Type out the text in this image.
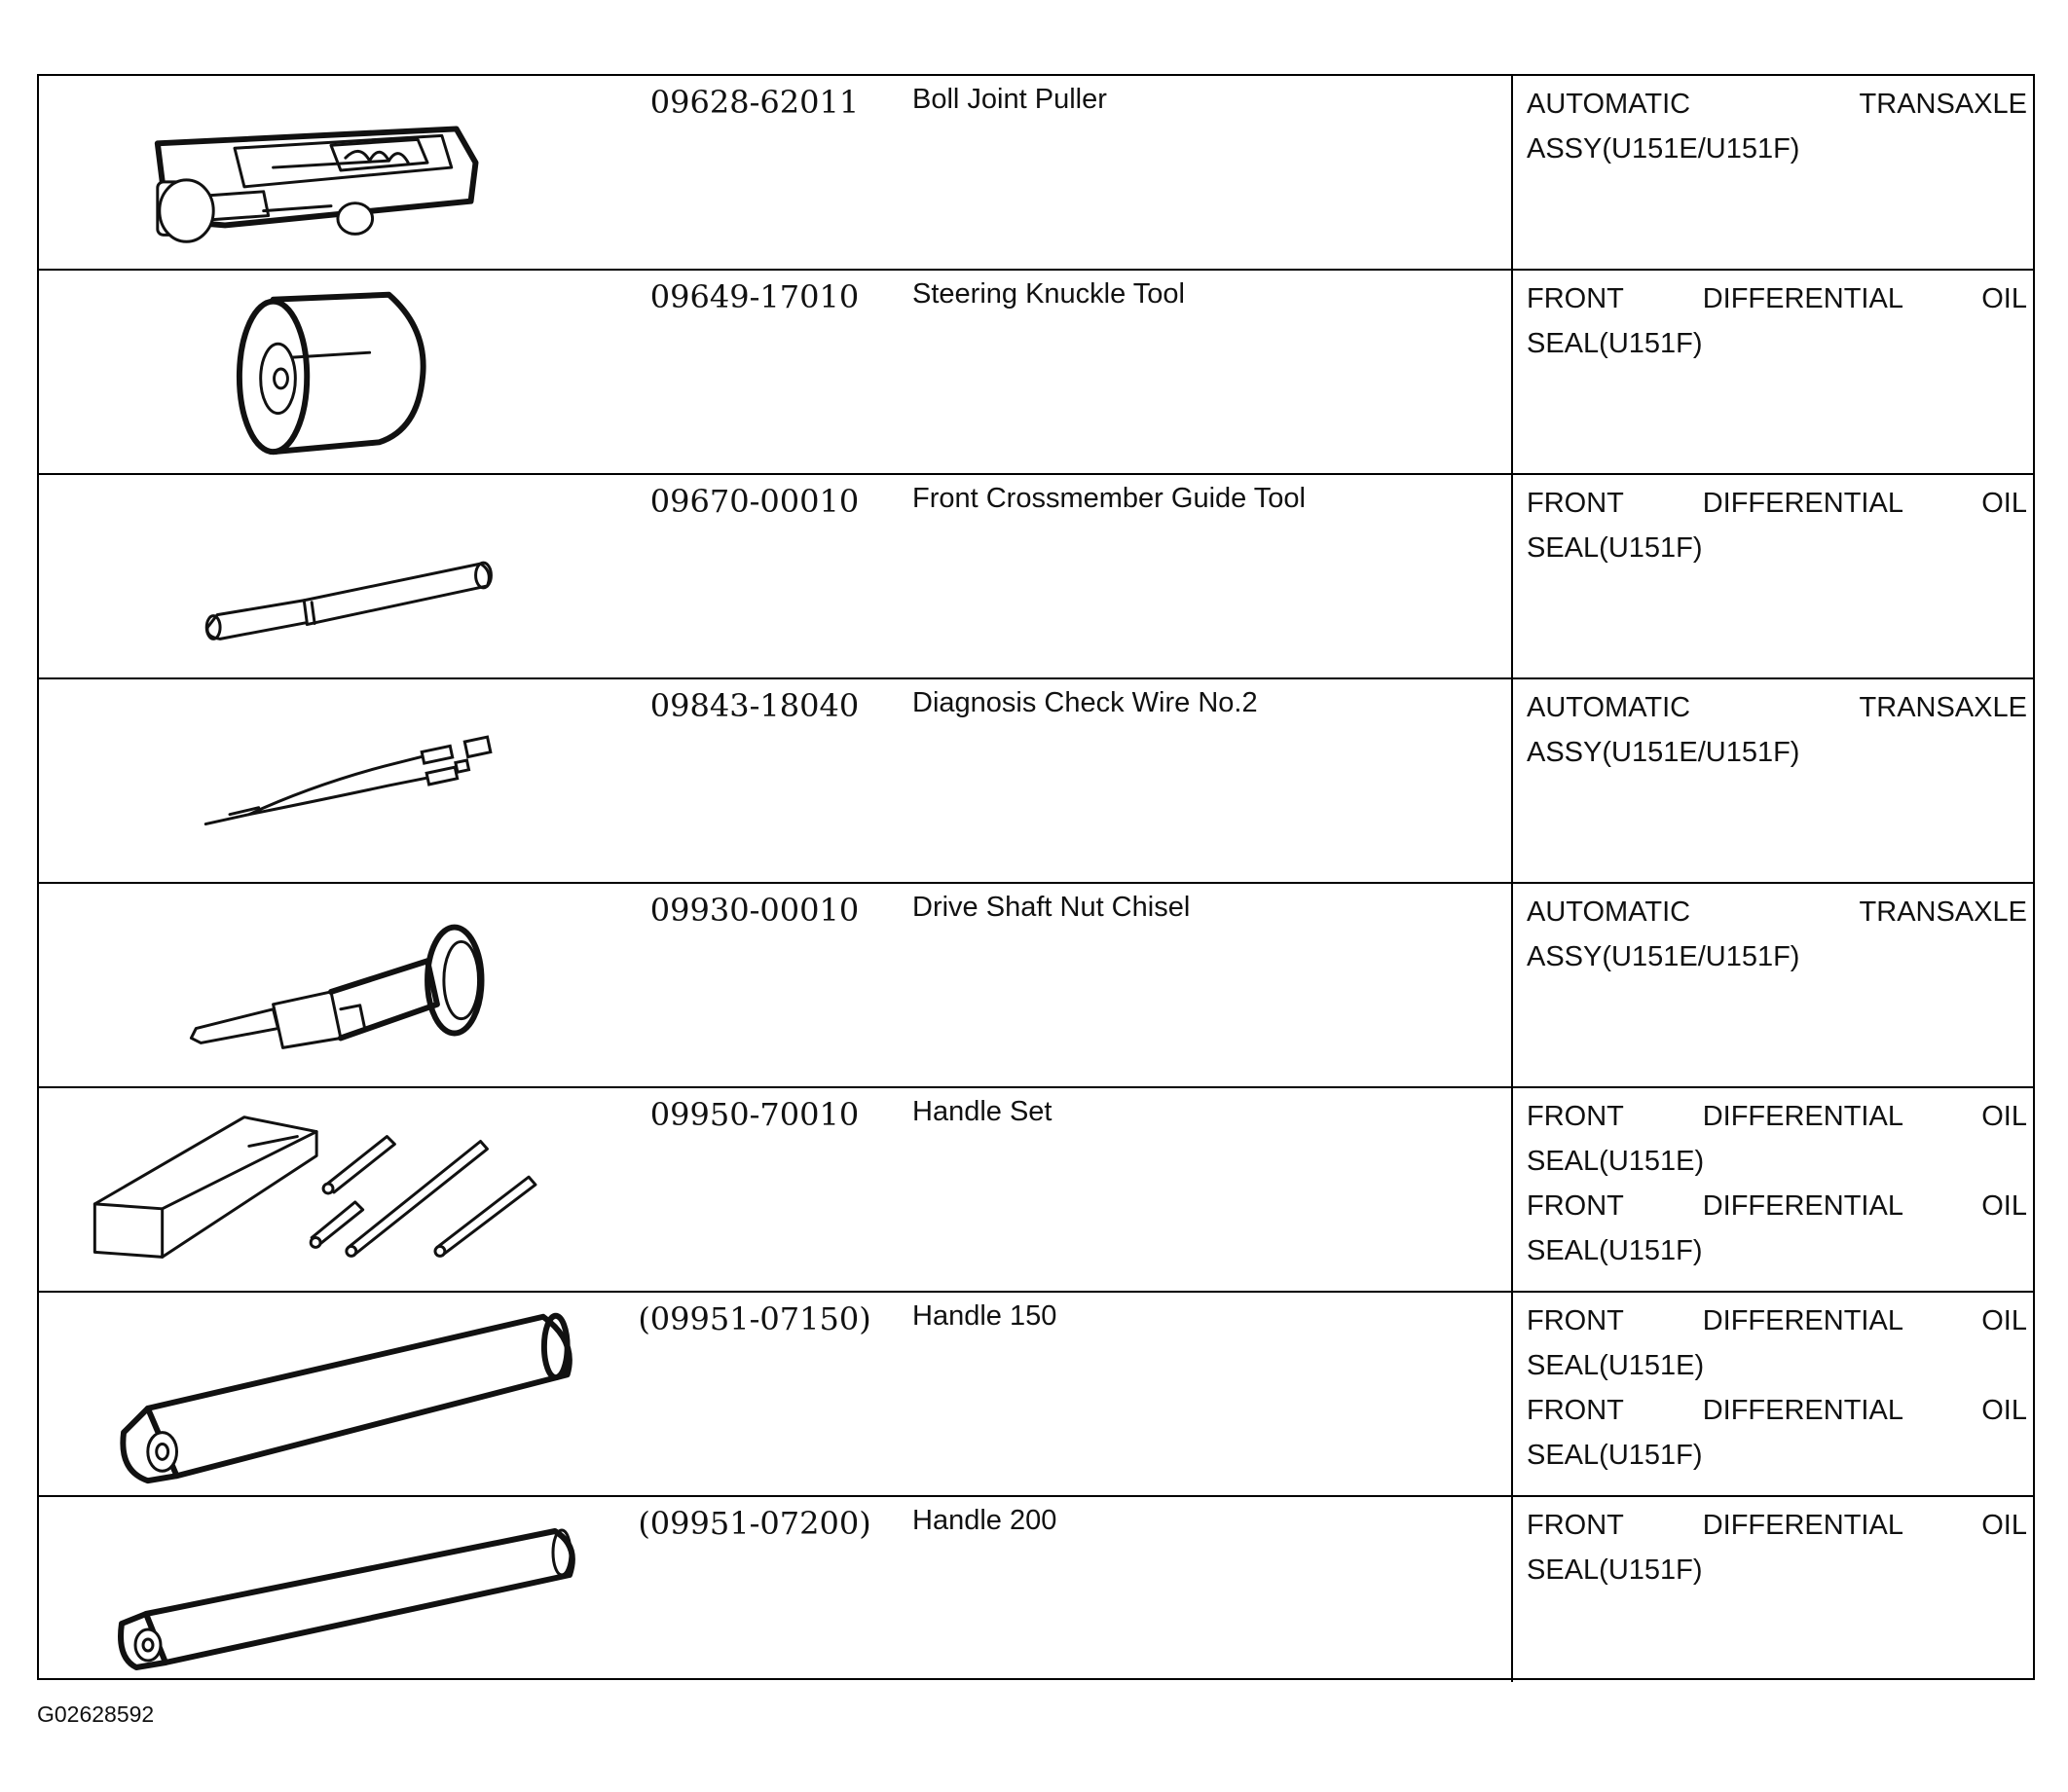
09628-62011	Boll Joint Puller	AUTOMATIC TRANSAXLE
ASSY(U151E/U151F)
09649-17010	Steering Knuckle Tool	FRONT DIFFERENTIAL OIL
SEAL(U151F)
09670-00010	Front Crossmember Guide Tool	FRONT DIFFERENTIAL OIL
SEAL(U151F)
09843-18040	Diagnosis Check Wire No.2	AUTOMATIC TRANSAXLE
ASSY(U151E/U151F)
09930-00010	Drive Shaft Nut Chisel	AUTOMATIC TRANSAXLE
ASSY(U151E/U151F)
09950-70010	Handle Set	FRONT DIFFERENTIAL OIL
SEAL(U151E)
FRONT DIFFERENTIAL OIL
SEAL(U151F)
(09951-07150)	Handle 150	FRONT DIFFERENTIAL OIL
SEAL(U151E)
FRONT DIFFERENTIAL OIL
SEAL(U151F)
(09951-07200)	Handle 200	FRONT DIFFERENTIAL OIL
SEAL(U151F)
G02628592
